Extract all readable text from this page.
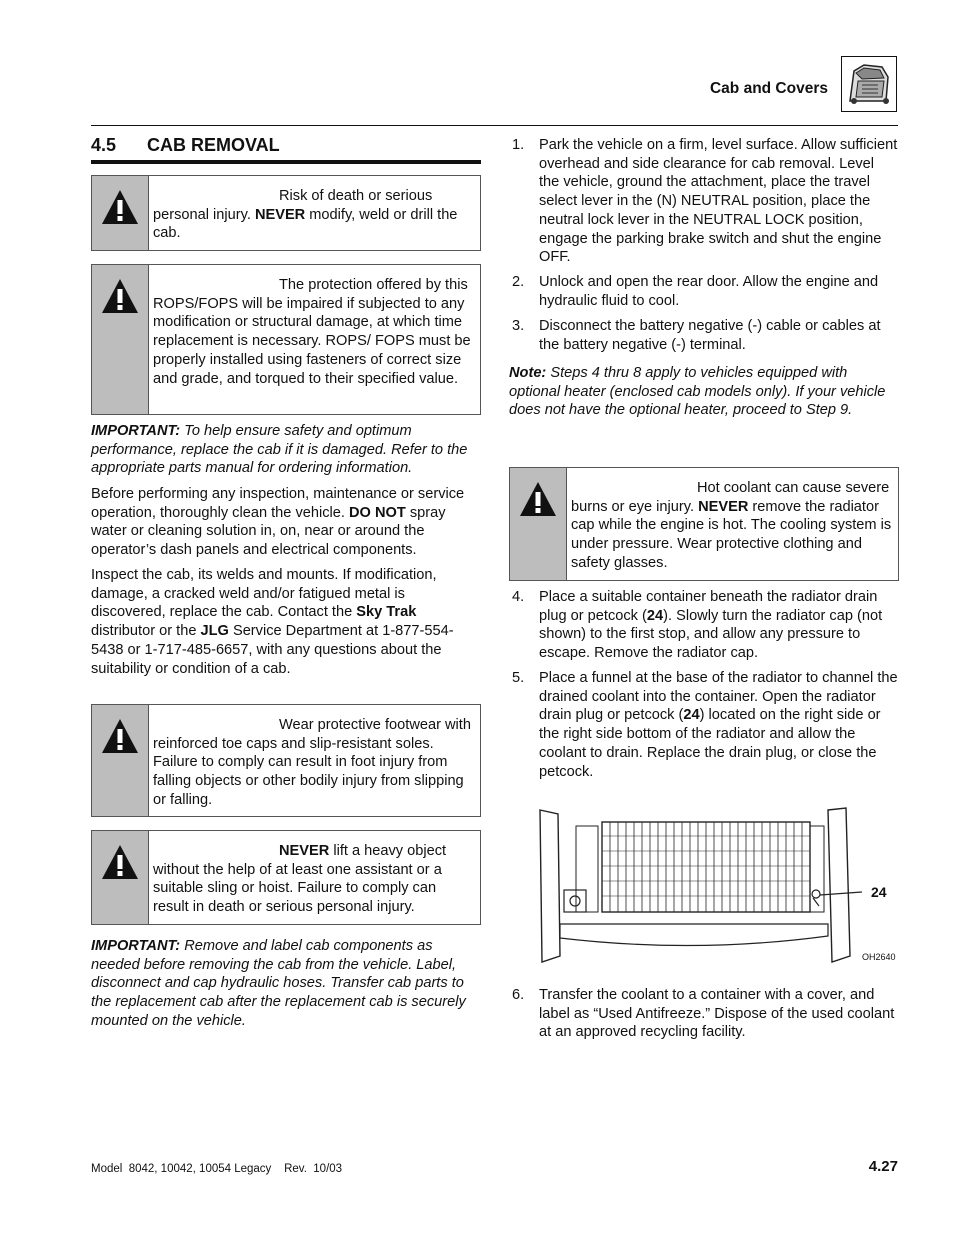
Cab and Covers
4.5 CAB REMOVAL
Risk of death or serious personal injury. NEVER modify, weld or drill the cab.
The protection offered by this ROPS/FOPS will be impaired if subjected to any modification or structural damage, at which time replacement is necessary. ROPS/ FOPS must be properly installed using fasteners of correct size and grade, and torqued to their specified value.
IMPORTANT: To help ensure safety and optimum performance, replace the cab if it is damaged. Refer to the appropriate parts manual for ordering information.
Before performing any inspection, maintenance or service operation, thoroughly clean the vehicle. DO NOT spray water or cleaning solution in, on, near or around the operator’s dash panels and electrical components.
Inspect the cab, its welds and mounts. If modification, damage, a cracked weld and/or fatigued metal is discovered, replace the cab. Contact the Sky Trak distributor or the JLG Service Department at 1-877-554-5438 or 1-717-485-6657, with any questions about the suitability or condition of a cab.
Wear protective footwear with reinforced toe caps and slip-resistant soles. Failure to comply can result in foot injury from falling objects or other bodily injury from slipping or falling.
NEVER lift a heavy object without the help of at least one assistant or a suitable sling or hoist. Failure to comply can result in death or serious personal injury.
IMPORTANT: Remove and label cab components as needed before removing the cab from the vehicle. Label, disconnect and cap hydraulic hoses. Transfer cab parts to the replacement cab after the replacement cab is securely mounted on the vehicle.
1.	Park the vehicle on a firm, level surface. Allow sufficient overhead and side clearance for cab removal. Level the vehicle, ground the attachment, place the travel select lever in the (N) NEUTRAL position, place the neutral lock lever in the NEUTRAL LOCK position, engage the parking brake switch and shut the engine OFF.
2.	Unlock and open the rear door. Allow the engine and hydraulic fluid to cool.
3.	Disconnect the battery negative (-) cable or cables at the battery negative (-) terminal.
Note: Steps 4 thru 8 apply to vehicles equipped with optional heater (enclosed cab models only). If your vehicle does not have the optional heater, proceed to Step 9.
Hot coolant can cause severe burns or eye injury. NEVER remove the radiator cap while the engine is hot. The cooling system is under pressure. Wear protective clothing and safety glasses.
4.	Place a suitable container beneath the radiator drain plug or petcock (24). Slowly turn the radiator cap (not shown) to the first stop, and allow any pressure to escape. Remove the radiator cap.
5.	Place a funnel at the base of the radiator to channel the drained coolant into the container. Open the radiator drain plug or petcock (24) located on the right side or the right side bottom of the radiator and allow the coolant to drain. Replace the drain plug, or close the petcock.
24
OH2640
6.	Transfer the coolant to a container with a cover, and label as “Used Antifreeze.” Dispose of the used coolant at an approved recycling facility.
Model  8042, 10042, 10054 Legacy    Rev.  10/03	4.27
